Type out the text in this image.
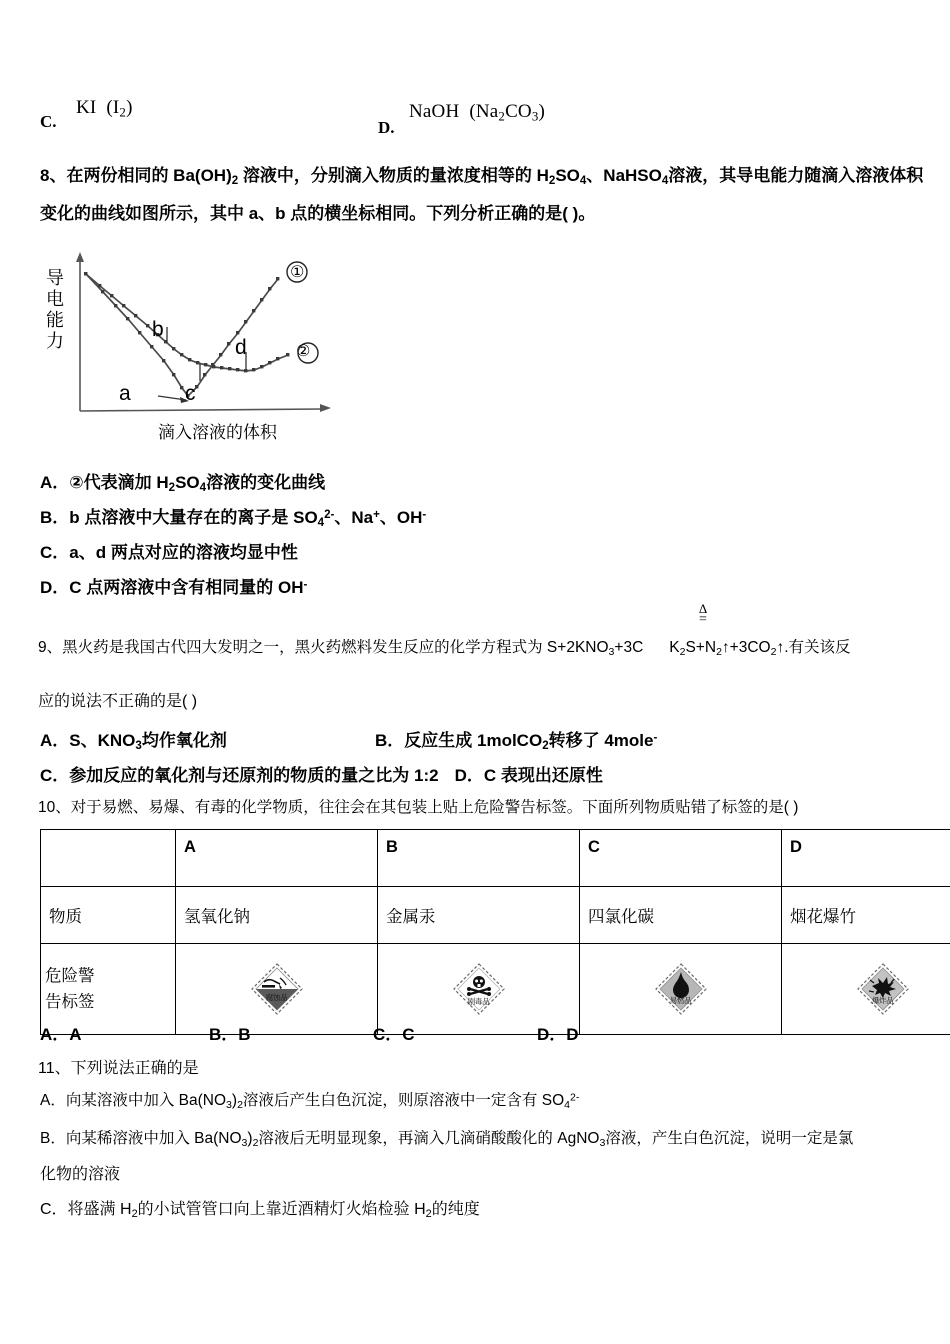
C.
KI $(I_2)$
D.
NaOH $(Na_2CO_3)$
8、在两份相同的 $Ba(OH)_2$ 溶液中，分别滴入物质的量浓度相等的 $H_2SO_4$、NaHSO$_4$溶液，其导电能力随滴入溶液体积
变化的曲线如图所示，其中 a、b 点的横坐标相同。下列分析正确的是( )。
导电能力
滴入溶液的体积
①
②
b
a	c
d
A．②代表滴加 $H_2SO_4$溶液的变化曲线
B．b 点溶液中大量存在的离子是 $SO_4^{2-}$、Na+、OH-
C．a、d 两点对应的溶液均显中性
D．C 点两溶液中含有相同量的 OH-
Δ
=
9、黑火药是我国古代四大发明之一，黑火药燃料发生反应的化学方程式为 $S+2KNO_3+3C$ $K_2S+N_2↑+3CO_2↑$.有关该反
应的说法不正确的是( )
A．S、$KNO_3$均作氧化剂	B．反应生成 1molCO$_2$转移了 4mole-
C．参加反应的氧化剂与还原剂的物质的量之比为 1:2 D．C 表现出还原性
10、对于易燃、易爆、有毒的化学物质，往往会在其包装上贴上危险警告标签。下面所列物质贴错了标签的是( )
	A	B	C	D
物质	氢氧化钠	金属汞	四氯化碳	烟花爆竹
危险警
告标签	腐蚀品	剧毒品	易燃品	爆炸品
A．A	B．B	C．C	D．D
11、下列说法正确的是
A．向某溶液中加入 $Ba(NO_3)_2$溶液后产生白色沉淀，则原溶液中一定含有 $SO_4^{2-}$
B．向某稀溶液中加入 $Ba(NO_3)_2$溶液后无明显现象，再滴入几滴硝酸酸化的 AgNO$_3$溶液，产生白色沉淀，说明一定是氯
化物的溶液
C．将盛满 $H_2$的小试管管口向上靠近酒精灯火焰检验 $H_2$的纯度
